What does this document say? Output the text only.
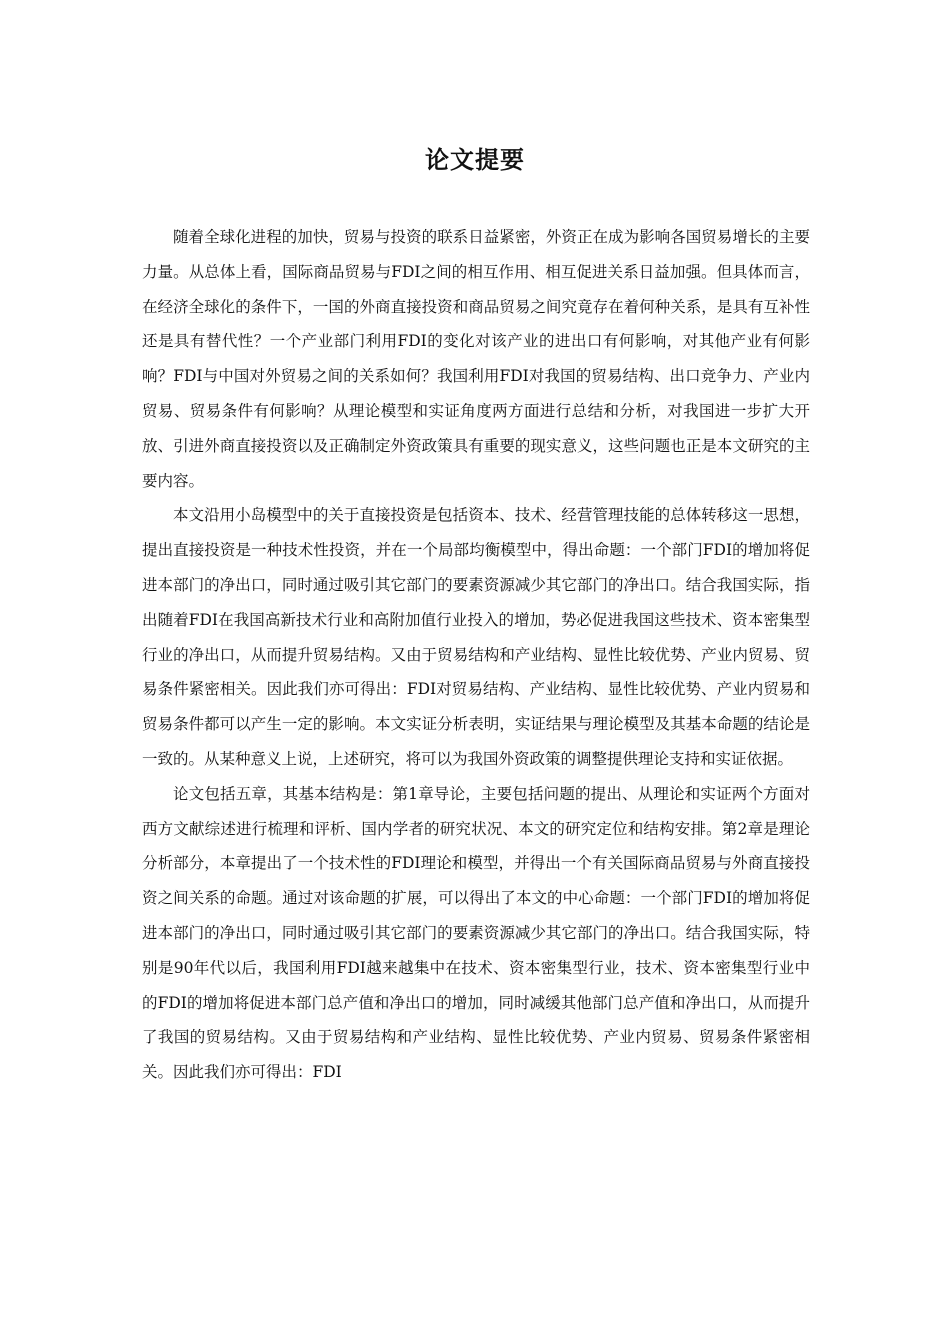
论文提要

随着全球化进程的加快，贸易与投资的联系日益紧密，外资正在成为影响各国贸易增长的主要力量。从总体上看，国际商品贸易与FDI之间的相互作用、相互促进关系日益加强。但具体而言，在经济全球化的条件下，一国的外商直接投资和商品贸易之间究竟存在着何种关系，是具有互补性还是具有替代性？一个产业部门利用FDI的变化对该产业的进出口有何影响，对其他产业有何影响？FDI与中国对外贸易之间的关系如何？我国利用FDI对我国的贸易结构、出口竞争力、产业内贸易、贸易条件有何影响？从理论模型和实证角度两方面进行总结和分析，对我国进一步扩大开放、引进外商直接投资以及正确制定外资政策具有重要的现实意义，这些问题也正是本文研究的主要内容。

本文沿用小岛模型中的关于直接投资是包括资本、技术、经营管理技能的总体转移这一思想，提出直接投资是一种技术性投资，并在一个局部均衡模型中，得出命题：一个部门FDI的增加将促进本部门的净出口，同时通过吸引其它部门的要素资源减少其它部门的净出口。结合我国实际，指出随着FDI在我国高新技术行业和高附加值行业投入的增加，势必促进我国这些技术、资本密集型行业的净出口，从而提升贸易结构。又由于贸易结构和产业结构、显性比较优势、产业内贸易、贸易条件紧密相关。因此我们亦可得出：FDI对贸易结构、产业结构、显性比较优势、产业内贸易和贸易条件都可以产生一定的影响。本文实证分析表明，实证结果与理论模型及其基本命题的结论是一致的。从某种意义上说，上述研究，将可以为我国外资政策的调整提供理论支持和实证依据。

论文包括五章，其基本结构是：第1章导论，主要包括问题的提出、从理论和实证两个方面对西方文献综述进行梳理和评析、国内学者的研究状况、本文的研究定位和结构安排。第2章是理论分析部分，本章提出了一个技术性的FDI理论和模型，并得出一个有关国际商品贸易与外商直接投资之间关系的命题。通过对该命题的扩展，可以得出了本文的中心命题：一个部门FDI的增加将促进本部门的净出口，同时通过吸引其它部门的要素资源减少其它部门的净出口。结合我国实际，特别是90年代以后，我国利用FDI越来越集中在技术、资本密集型行业，技术、资本密集型行业中的FDI的增加将促进本部门总产值和净出口的增加，同时减缓其他部门总产值和净出口，从而提升了我国的贸易结构。又由于贸易结构和产业结构、显性比较优势、产业内贸易、贸易条件紧密相关。因此我们亦可得出：FDI
